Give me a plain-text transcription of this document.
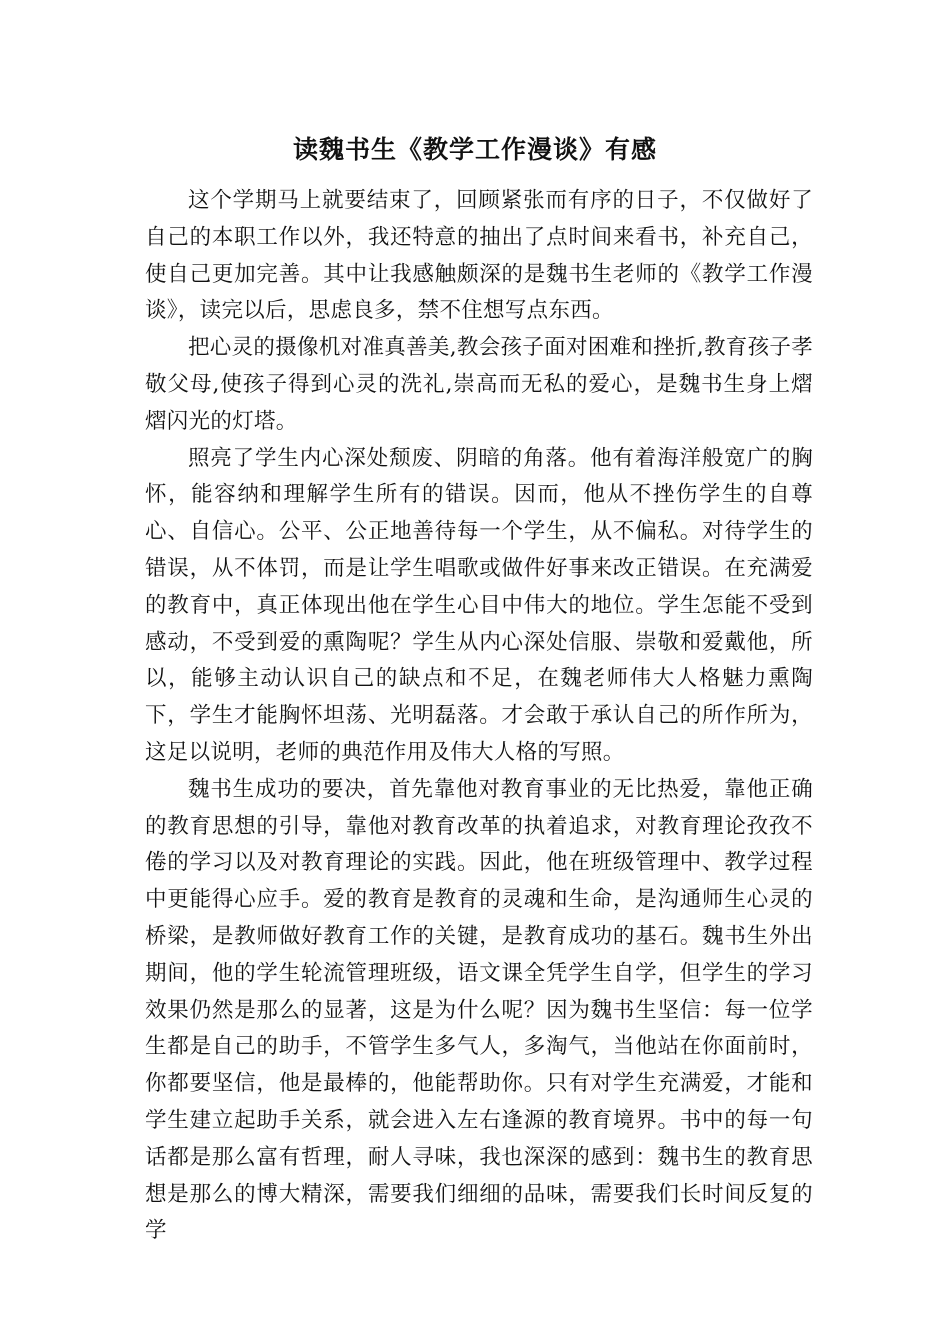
读魏书生《教学工作漫谈》有感

这个学期马上就要结束了，回顾紧张而有序的日子，不仅做好了自己的本职工作以外，我还特意的抽出了点时间来看书，补充自己，使自己更加完善。其中让我感触颇深的是魏书生老师的《教学工作漫谈》，读完以后，思虑良多，禁不住想写点东西。

把心灵的摄像机对准真善美,教会孩子面对困难和挫折,教育孩子孝敬父母,使孩子得到心灵的洗礼,崇高而无私的爱心，是魏书生身上熠熠闪光的灯塔。

照亮了学生内心深处颓废、阴暗的角落。他有着海洋般宽广的胸怀，能容纳和理解学生所有的错误。因而，他从不挫伤学生的自尊心、自信心。公平、公正地善待每一个学生，从不偏私。对待学生的错误，从不体罚，而是让学生唱歌或做件好事来改正错误。在充满爱的教育中，真正体现出他在学生心目中伟大的地位。学生怎能不受到感动，不受到爱的熏陶呢？学生从内心深处信服、崇敬和爱戴他，所以，能够主动认识自己的缺点和不足，在魏老师伟大人格魅力熏陶下，学生才能胸怀坦荡、光明磊落。才会敢于承认自己的所作所为，这足以说明，老师的典范作用及伟大人格的写照。

魏书生成功的要决，首先靠他对教育事业的无比热爱，靠他正确的教育思想的引导，靠他对教育改革的执着追求，对教育理论孜孜不倦的学习以及对教育理论的实践。因此，他在班级管理中、教学过程中更能得心应手。爱的教育是教育的灵魂和生命，是沟通师生心灵的桥梁，是教师做好教育工作的关键，是教育成功的基石。魏书生外出期间，他的学生轮流管理班级，语文课全凭学生自学，但学生的学习效果仍然是那么的显著，这是为什么呢？因为魏书生坚信：每一位学生都是自己的助手，不管学生多气人，多淘气，当他站在你面前时，你都要坚信，他是最棒的，他能帮助你。只有对学生充满爱，才能和学生建立起助手关系，就会进入左右逢源的教育境界。书中的每一句话都是那么富有哲理，耐人寻味，我也深深的感到：魏书生的教育思想是那么的博大精深，需要我们细细的品味，需要我们长时间反复的学
